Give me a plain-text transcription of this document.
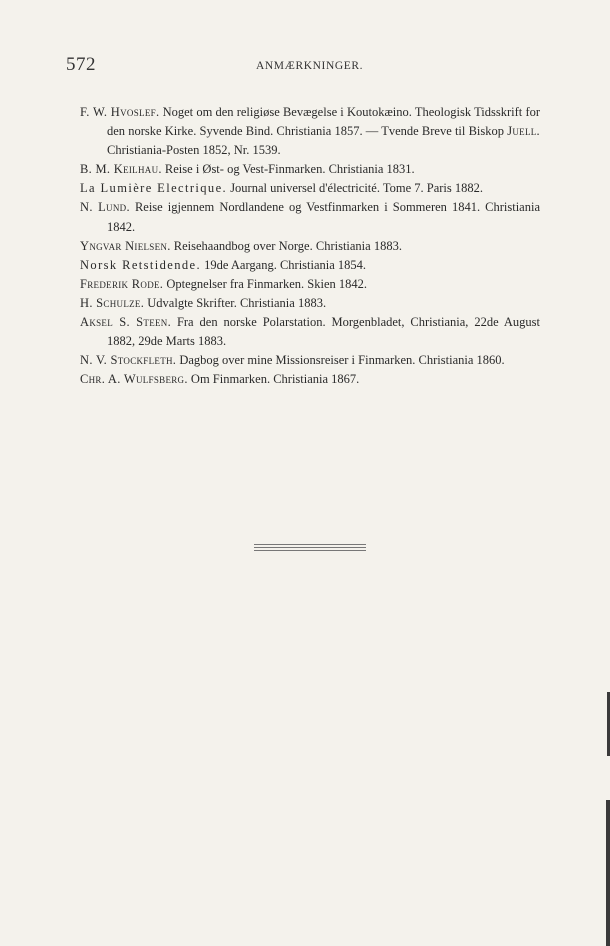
572	ANMÆRKNINGER.
F. W. Hvoslef. Noget om den religiøse Bevægelse i Koutokæino. Theologisk Tidsskrift for den norske Kirke. Syvende Bind. Christiania 1857. — Tvende Breve til Biskop Juell. Christiania-Posten 1852, Nr. 1539.
B. M. Keilhau. Reise i Øst- og Vest-Finmarken. Christiania 1831.
La Lumière Electrique. Journal universel d'électricité. Tome 7. Paris 1882.
N. Lund. Reise igjennem Nordlandene og Vestfinmarken i Sommeren 1841. Christiania 1842.
Yngvar Nielsen. Reisehaandbog over Norge. Christiania 1883.
Norsk Retstidende. 19de Aargang. Christiania 1854.
Frederik Rode. Optegnelser fra Finmarken. Skien 1842.
H. Schulze. Udvalgte Skrifter. Christiania 1883.
Aksel S. Steen. Fra den norske Polarstation. Morgenbladet, Christiania, 22de August 1882, 29de Marts 1883.
N. V. Stockfleth. Dagbog over mine Missionsreiser i Finmarken. Christiania 1860.
Chr. A. Wulfsberg. Om Finmarken. Christiania 1867.
